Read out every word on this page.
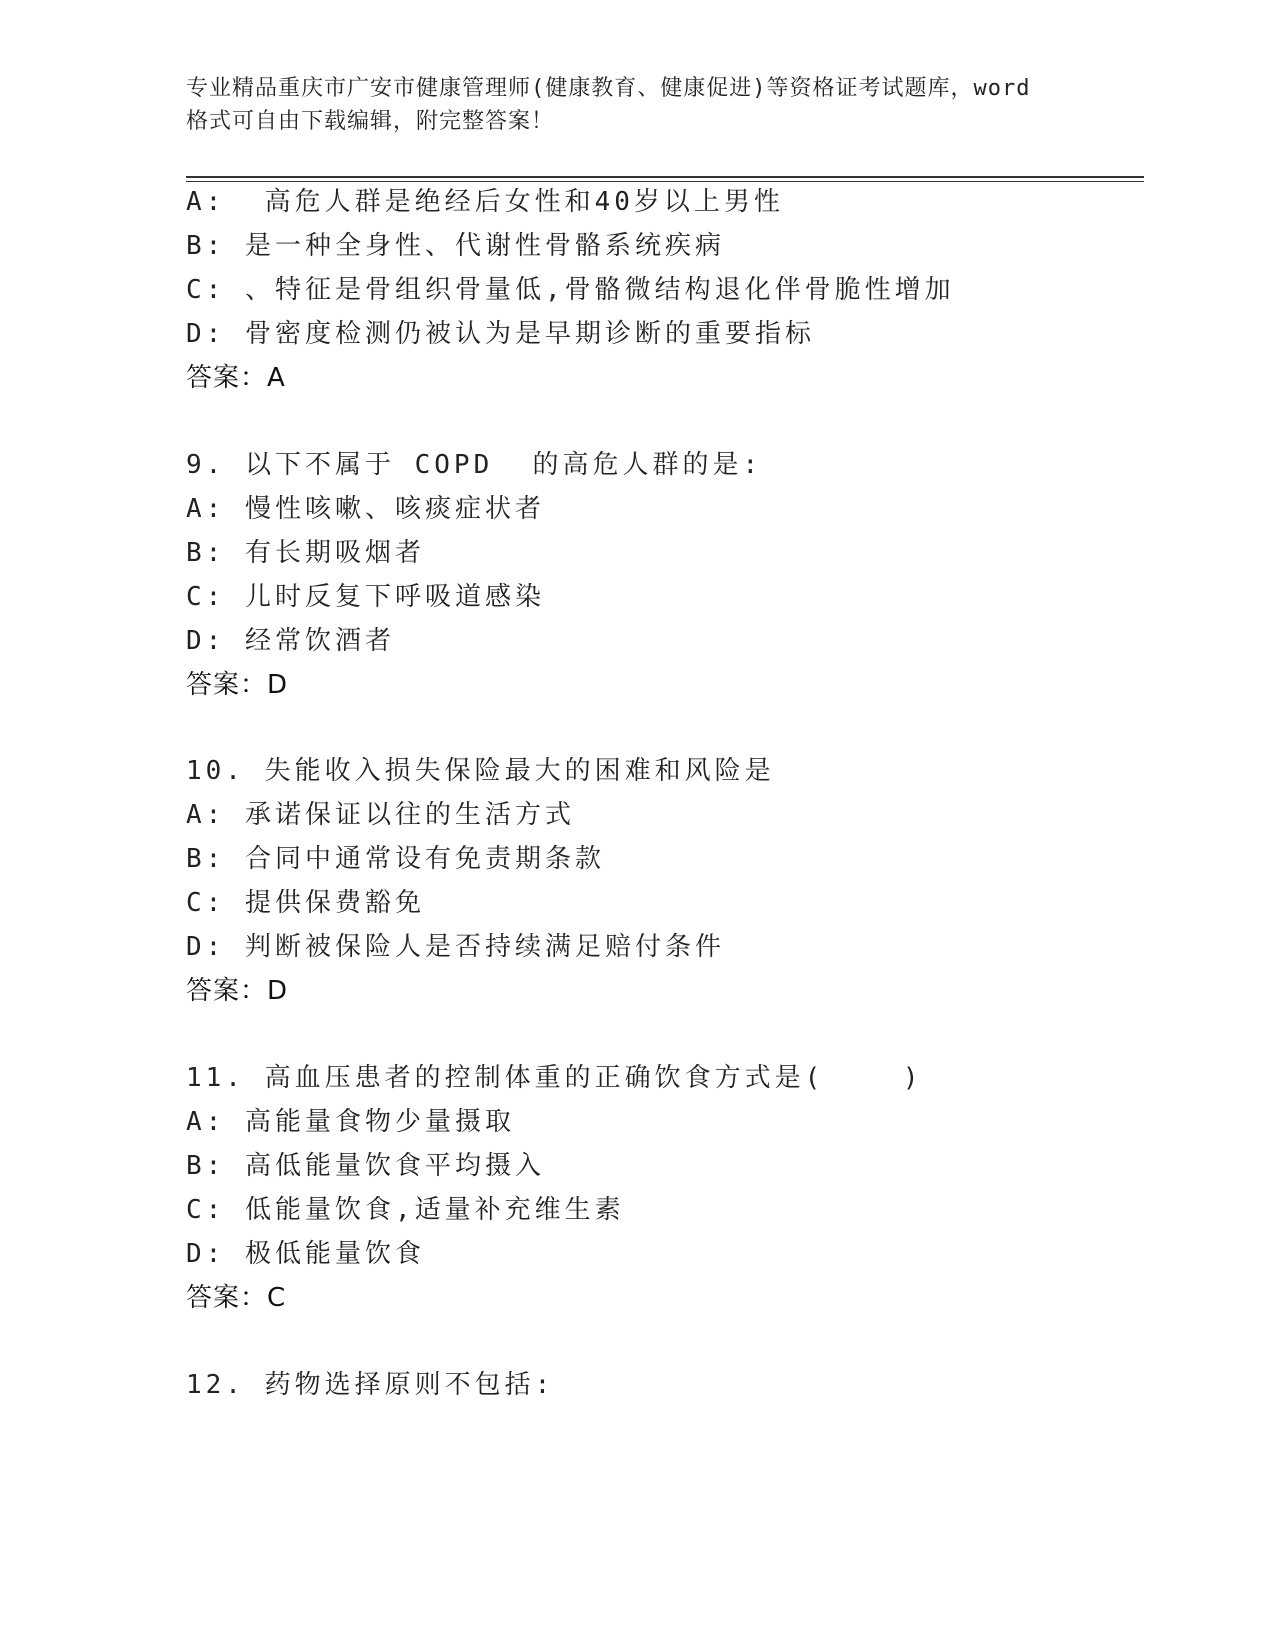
专业精品重庆市广安市健康管理师(健康教育、健康促进)等资格证考试题库，word
格式可自由下载编辑，附完整答案！
A:  高危人群是绝经后女性和40岁以上男性
B: 是一种全身性、代谢性骨骼系统疾病
C: 、特征是骨组织骨量低,骨骼微结构退化伴骨脆性增加
D: 骨密度检测仍被认为是早期诊断的重要指标
答案：A
9. 以下不属于 COPD  的高危人群的是:
A: 慢性咳嗽、咳痰症状者
B: 有长期吸烟者
C: 儿时反复下呼吸道感染
D: 经常饮酒者
答案：D
10. 失能收入损失保险最大的困难和风险是
A: 承诺保证以往的生活方式
B: 合同中通常设有免责期条款
C: 提供保费豁免
D: 判断被保险人是否持续满足赔付条件
答案：D
11. 高血压患者的控制体重的正确饮食方式是(    )
A: 高能量食物少量摄取
B: 高低能量饮食平均摄入
C: 低能量饮食,适量补充维生素
D: 极低能量饮食
答案：C
12. 药物选择原则不包括:
